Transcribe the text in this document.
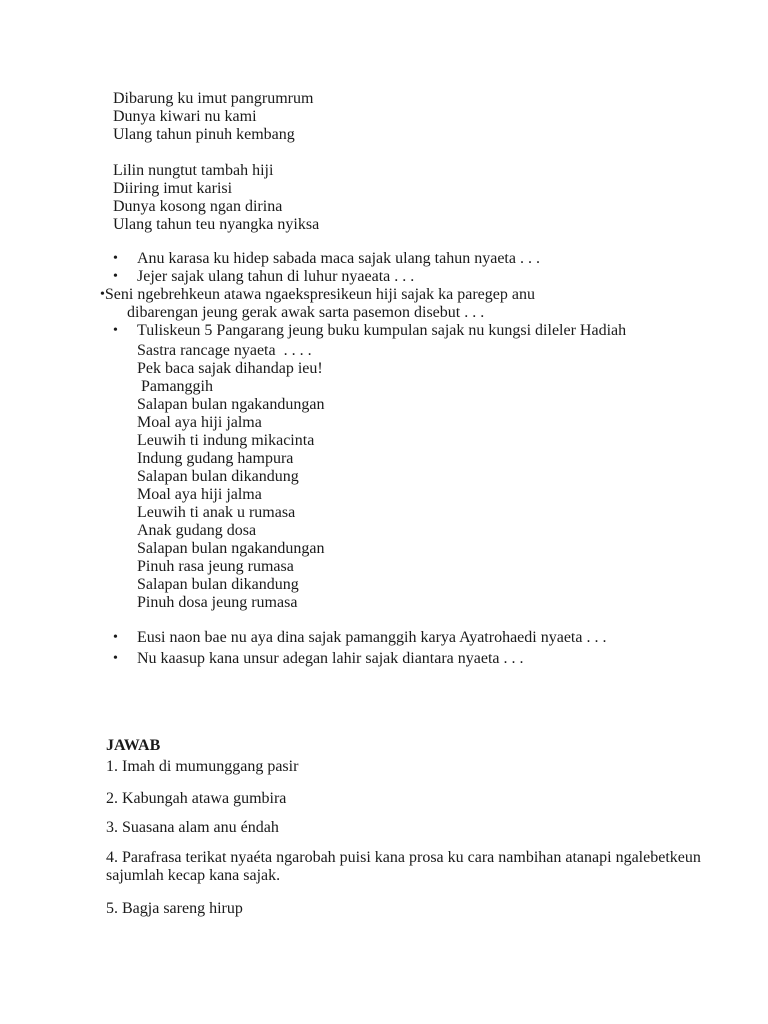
Dibarung ku imut pangrumrum
Dunya kiwari nu kami
Ulang tahun pinuh kembang
Lilin nungtut tambah hiji
Diiring imut karisi
Dunya kosong ngan dirina
Ulang tahun teu nyangka nyiksa
•	Anu karasa ku hidep sabada maca sajak ulang tahun nyaeta . . .
•	Jejer sajak ulang tahun di luhur nyaeata . . .
• Seni ngebrehkeun atawa ngaekspresikeun hiji sajak ka paregep anu
dibarengan jeung gerak awak sarta pasemon disebut . . .
•	Tuliskeun 5 Pangarang jeung buku kumpulan sajak nu kungsi dileler Hadiah
Sastra rancage nyaeta  . . . .
Pek baca sajak dihandap ieu!
Pamanggih
Salapan bulan ngakandungan
Moal aya hiji jalma
Leuwih ti indung mikacinta
Indung gudang hampura
Salapan bulan dikandung
Moal aya hiji jalma
Leuwih ti anak u rumasa
Anak gudang dosa
Salapan bulan ngakandungan
Pinuh rasa jeung rumasa
Salapan bulan dikandung
Pinuh dosa jeung rumasa
•	Eusi naon bae nu aya dina sajak pamanggih karya Ayatrohaedi nyaeta . . .
•	Nu kaasup kana unsur adegan lahir sajak diantara nyaeta . . .
JAWAB
1. Imah di mumunggang pasir
2. Kabungah atawa gumbira
3. Suasana alam anu éndah
4. Parafrasa terikat nyaéta ngarobah puisi kana prosa ku cara nambihan atanapi ngalebetkeun
sajumlah kecap kana sajak.
5. Bagja sareng hirup
